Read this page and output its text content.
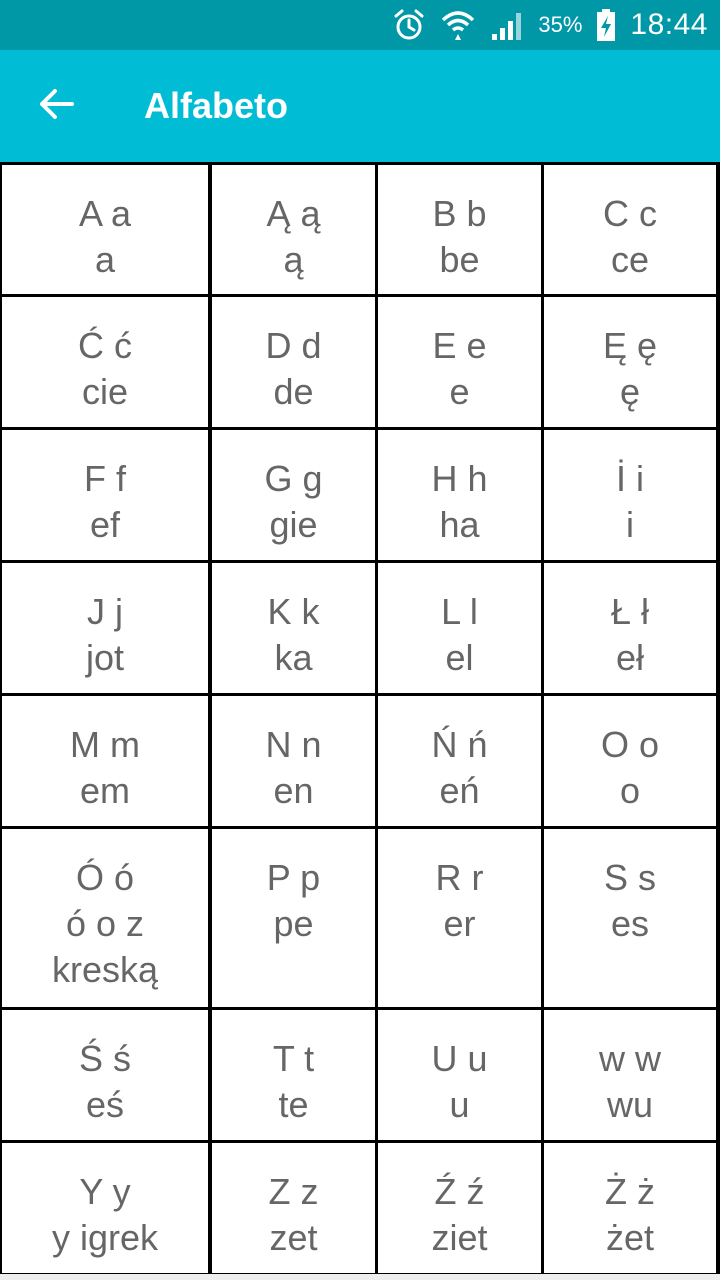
35% 18:44
Alfabeto
A a
a
Ą ą
ą
B b
be
C c
ce
Ć ć
cie
D d
de
E e
e
Ę ę
ę
F f
ef
G g
gie
H h
ha
İ i
i
J j
jot
K k
ka
L l
el
Ł ł
eł
M m
em
N n
en
Ń ń
eń
O o
o
Ó ó
ó o z kreską
P p
pe
R r
er
S s
es
Ś ś
eś
T t
te
U u
u
w w
wu
Y y
y igrek
Z z
zet
Ź ź
ziet
Ż ż
żet
